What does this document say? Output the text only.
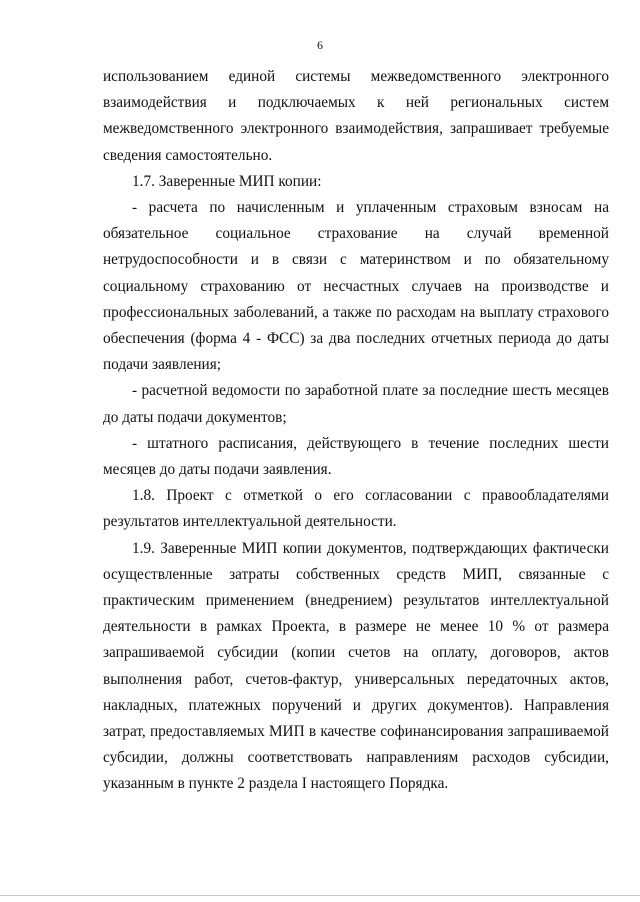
6

использованием единой системы межведомственного электронного

взаимодействия и подключаемых к ней региональных систем

межведомственного электронного взаимодействия, запрашивает требуемые

сведения самостоятельно.

1.7. Заверенные МИП копии:

- расчета по начисленным и уплаченным страховым взносам на

обязательное социальное страхование на случай временной

нетрудоспособности и в связи с материнством и по обязательному

социальному страхованию от несчастных случаев на производстве и

профессиональных заболеваний, а также по расходам на выплату страхового

обеспечения (форма 4 - ФСС) за два последних отчетных периода до даты

подачи заявления;

- расчетной ведомости по заработной плате за последние шесть месяцев

до даты подачи документов;

- штатного расписания, действующего в течение последних шести

месяцев до даты подачи заявления.

1.8. Проект с отметкой о его согласовании с правообладателями

результатов интеллектуальной деятельности.

1.9. Заверенные МИП копии документов, подтверждающих фактически

осуществленные затраты собственных средств МИП, связанные с

практическим применением (внедрением) результатов интеллектуальной

деятельности в рамках Проекта, в размере не менее 10 % от размера

запрашиваемой субсидии (копии счетов на оплату, договоров, актов

выполнения работ, счетов-фактур, универсальных передаточных актов,

накладных, платежных поручений и других документов). Направления

затрат, предоставляемых МИП в качестве софинансирования запрашиваемой

субсидии, должны соответствовать направлениям расходов субсидии,

указанным в пункте 2 раздела I настоящего Порядка.
